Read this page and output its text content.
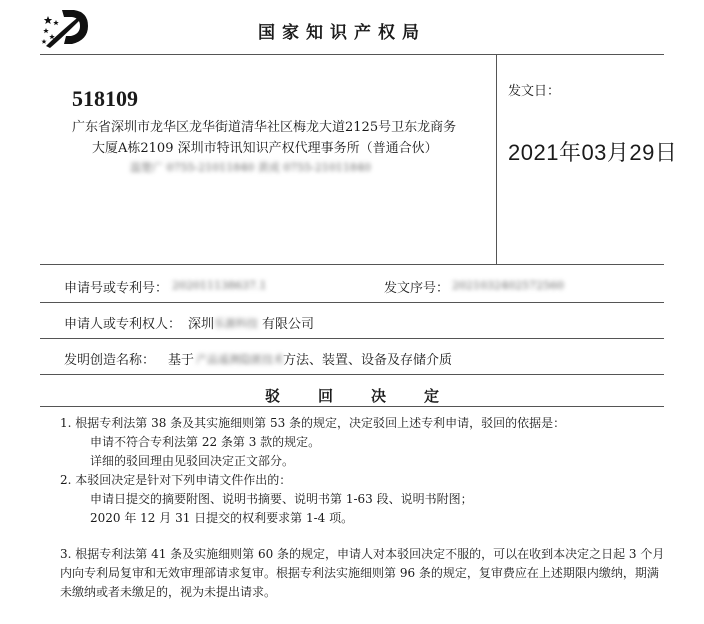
国家知识产权局
518109
广东省深圳市龙华区龙华街道清华社区梅龙大道2125号卫东龙商务
大厦A栋2109 深圳市特讯知识产权代理事务所（普通合伙）
温楚广 0755-21011840 黄成 0755-21011840
发文日：
2021年03月29日
申请号或专利号： 202011138637.1	发文序号： 2021032402572560
申请人或专利权人： 深圳 乐源科技 有限公司
发明创造名称： 基于 产品遥测隐匿技术 方法、装置、设备及存储介质
驳回决定
1. 根据专利法第 38 条及其实施细则第 53 条的规定，决定驳回上述专利申请，驳回的依据是：
申请不符合专利法第 22 条第 3 款的规定。
详细的驳回理由见驳回决定正文部分。
2. 本驳回决定是针对下列申请文件作出的：
申请日提交的摘要附图、说明书摘要、说明书第 1-63 段、说明书附图；
2020 年 12 月 31 日提交的权利要求第 1-4 项。
3. 根据专利法第 41 条及实施细则第 60 条的规定，申请人对本驳回决定不服的，可以在收到本决定之日起 3 个月
内向专利局复审和无效审理部请求复审。根据专利法实施细则第 96 条的规定，复审费应在上述期限内缴纳，期满
未缴纳或者未缴足的，视为未提出请求。
